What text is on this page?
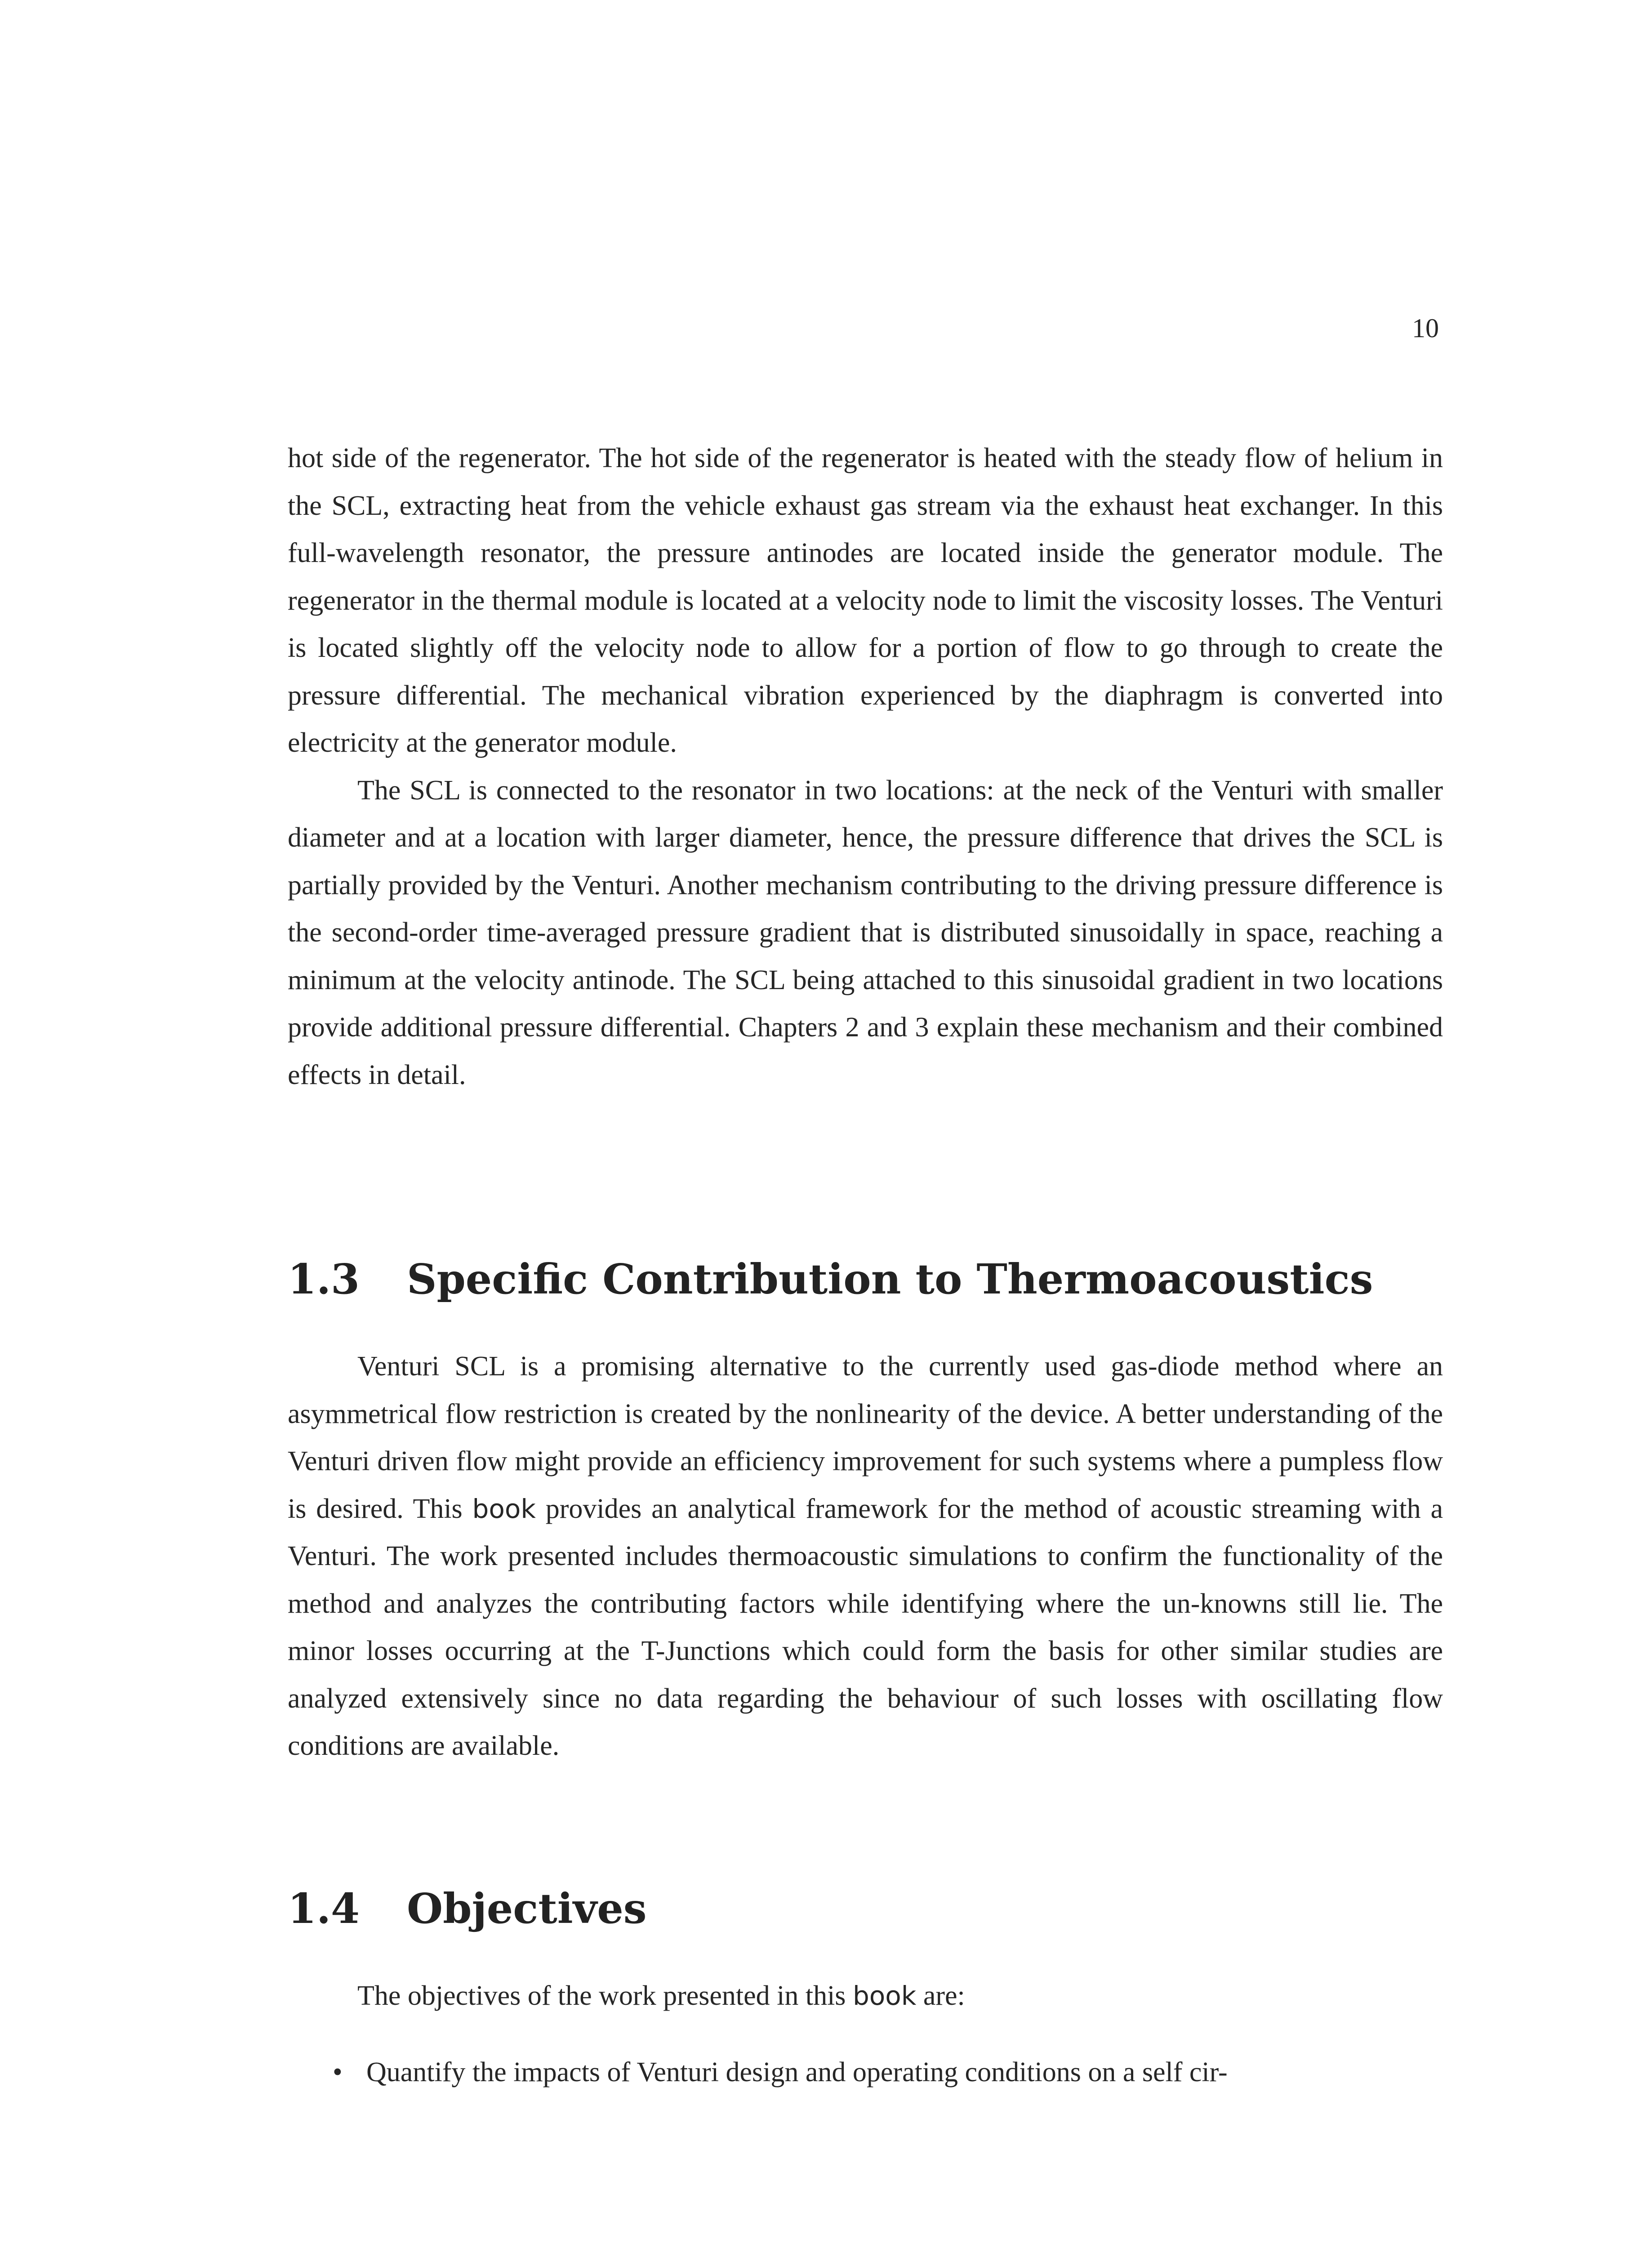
10

hot side of the regenerator. The hot side of the regenerator is heated with the steady flow of helium in the SCL, extracting heat from the vehicle exhaust gas stream via the exhaust heat exchanger. In this full-wavelength resonator, the pressure antinodes are located inside the generator module. The regenerator in the thermal module is located at a velocity node to limit the viscosity losses. The Venturi is located slightly off the velocity node to allow for a portion of flow to go through to create the pressure differential. The mechanical vibration experienced by the diaphragm is converted into electricity at the generator module.

The SCL is connected to the resonator in two locations: at the neck of the Venturi with smaller diameter and at a location with larger diameter, hence, the pressure difference that drives the SCL is partially provided by the Venturi. Another mechanism contributing to the driving pressure difference is the second-order time-averaged pressure gradient that is distributed sinusoidally in space, reaching a minimum at the velocity antinode. The SCL being attached to this sinusoidal gradient in two locations provide additional pressure differential. Chapters 2 and 3 explain these mechanism and their combined effects in detail.

1.3 Specific Contribution to Thermoacoustics

Venturi SCL is a promising alternative to the currently used gas-diode method where an asymmetrical flow restriction is created by the nonlinearity of the device. A better understanding of the Venturi driven flow might provide an efficiency improvement for such systems where a pumpless flow is desired. This book provides an analytical framework for the method of acoustic streaming with a Venturi. The work presented includes thermoacoustic simulations to confirm the functionality of the method and analyzes the contributing factors while identifying where the un-knowns still lie. The minor losses occurring at the T-Junctions which could form the basis for other similar studies are analyzed extensively since no data regarding the behaviour of such losses with oscillating flow conditions are available.

1.4 Objectives

The objectives of the work presented in this book are:

• Quantify the impacts of Venturi design and operating conditions on a self cir-
